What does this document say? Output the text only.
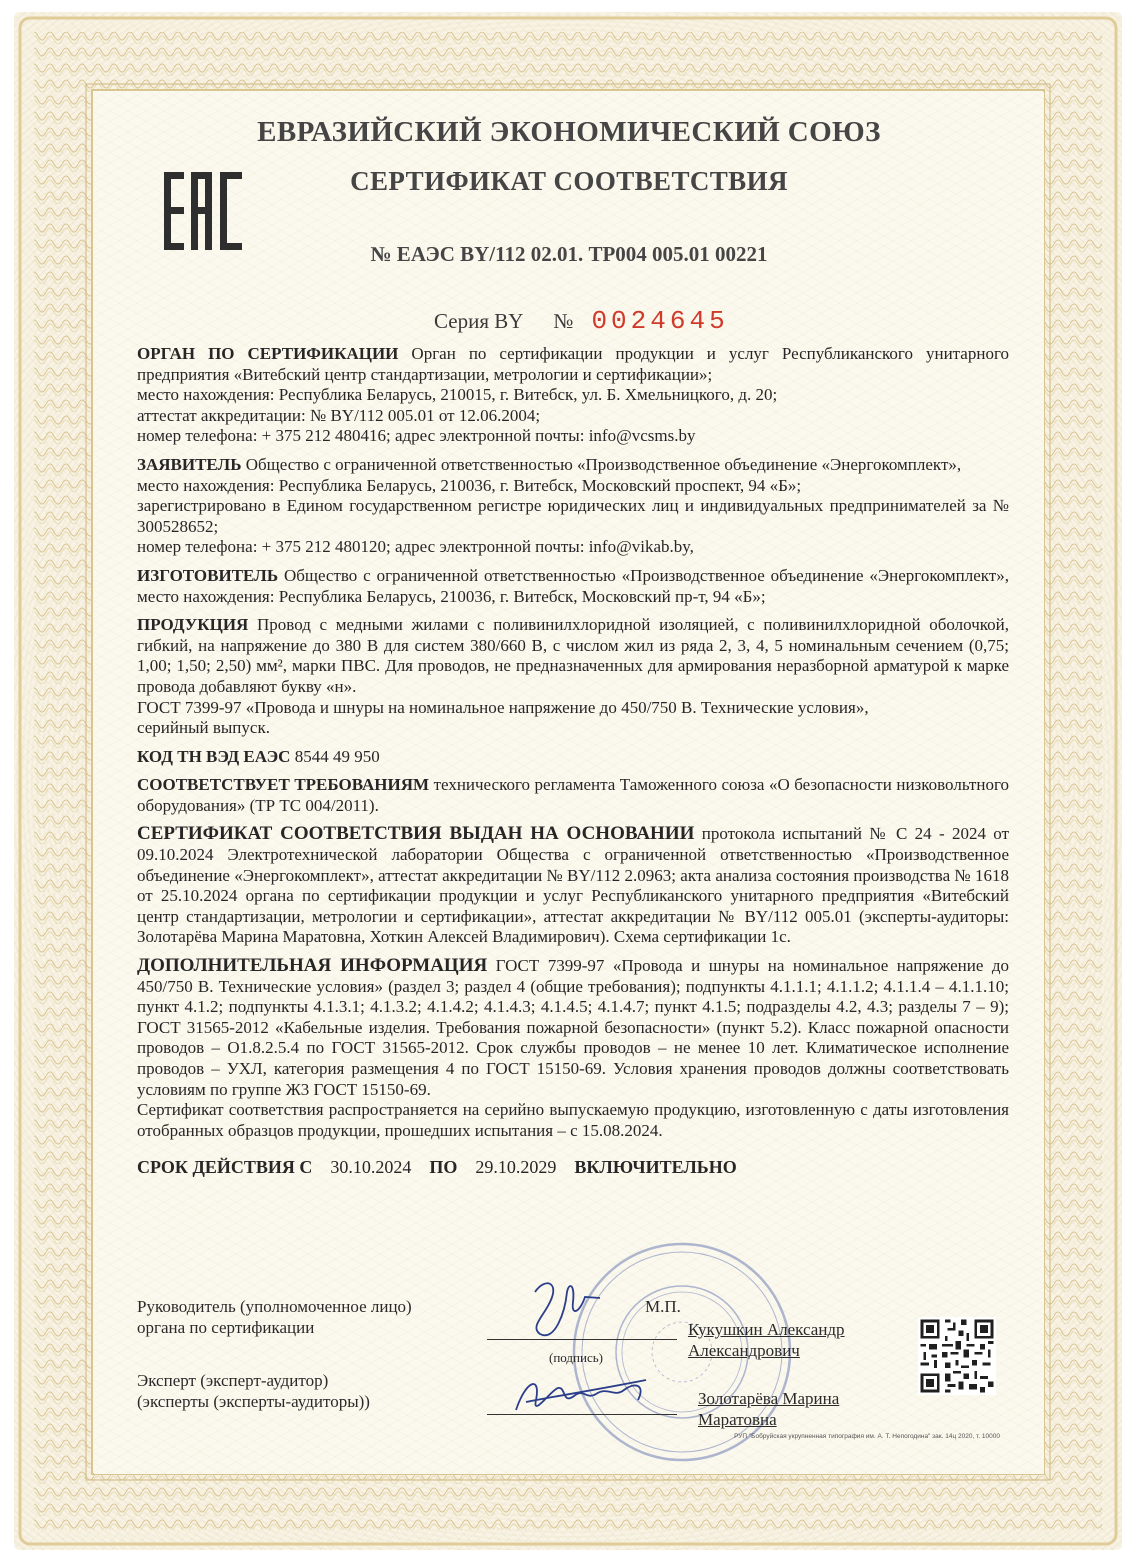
ЕВРАЗИЙСКИЙ ЭКОНОМИЧЕСКИЙ СОЮЗ
СЕРТИФИКАТ СООТВЕТСТВИЯ
№ ЕАЭС BY/112 02.01. ТР004 005.01 00221
Серия BY № 0024645

ОРГАН ПО СЕРТИФИКАЦИИ Орган по сертификации продукции и услуг Республиканского унитарного предприятия «Витебский центр стандартизации, метрологии и сертификации»;

место нахождения: Республика Беларусь, 210015, г. Витебск, ул. Б. Хмельницкого, д. 20;

аттестат аккредитации: № BY/112 005.01 от 12.06.2004;

номер телефона: + 375 212 480416; адрес электронной почты: info@vcsms.by

ЗАЯВИТЕЛЬ Общество с ограниченной ответственностью «Производственное объединение «Энергокомплект»,

место нахождения: Республика Беларусь, 210036, г. Витебск, Московский проспект, 94 «Б»;

зарегистрировано в Едином государственном регистре юридических лиц и индивидуальных предпринимателей за № 300528652;

номер телефона: + 375 212 480120; адрес электронной почты: info@vikab.by,

ИЗГОТОВИТЕЛЬ Общество с ограниченной ответственностью «Производственное объединение «Энергокомплект», место нахождения: Республика Беларусь, 210036, г. Витебск, Московский пр-т, 94 «Б»;

ПРОДУКЦИЯ Провод с медными жилами с поливинилхлоридной изоляцией, с поливинилхлоридной оболочкой, гибкий, на напряжение до 380 В для систем 380/660 В, с числом жил из ряда 2, 3, 4, 5 номинальным сечением (0,75; 1,00; 1,50; 2,50) мм², марки ПВС. Для проводов, не предназначенных для армирования неразборной арматурой к марке провода добавляют букву «н».

ГОСТ 7399-97 «Провода и шнуры на номинальное напряжение до 450/750 В. Технические условия»,

серийный выпуск.

КОД ТН ВЭД ЕАЭС 8544 49 950

СООТВЕТСТВУЕТ ТРЕБОВАНИЯМ технического регламента Таможенного союза «О безопасности низковольтного оборудования» (ТР ТС 004/2011).

СЕРТИФИКАТ СООТВЕТСТВИЯ ВЫДАН НА ОСНОВАНИИ протокола испытаний № С 24 - 2024 от 09.10.2024 Электротехнической лаборатории Общества с ограниченной ответственностью «Производственное объединение «Энергокомплект», аттестат аккредитации № BY/112 2.0963; акта анализа состояния производства № 1618 от 25.10.2024 органа по сертификации продукции и услуг Республиканского унитарного предприятия «Витебский центр стандартизации, метрологии и сертификации», аттестат аккредитации № BY/112 005.01 (эксперты-аудиторы: Золотарёва Марина Маратовна, Хоткин Алексей Владимирович). Схема сертификации 1с.

ДОПОЛНИТЕЛЬНАЯ ИНФОРМАЦИЯ ГОСТ 7399-97 «Провода и шнуры на номинальное напряжение до 450/750 В. Технические условия» (раздел 3; раздел 4 (общие требования); подпункты 4.1.1.1; 4.1.1.2; 4.1.1.4 – 4.1.1.10; пункт 4.1.2; подпункты 4.1.3.1; 4.1.3.2; 4.1.4.2; 4.1.4.3; 4.1.4.5; 4.1.4.7; пункт 4.1.5; подразделы 4.2, 4.3; разделы 7 – 9); ГОСТ 31565-2012 «Кабельные изделия. Требования пожарной безопасности» (пункт 5.2). Класс пожарной опасности проводов – О1.8.2.5.4 по ГОСТ 31565-2012. Срок службы проводов – не менее 10 лет. Климатическое исполнение проводов – УХЛ, категория размещения 4 по ГОСТ 15150-69. Условия хранения проводов должны соответствовать условиям по группе Ж3 ГОСТ 15150-69.

Сертификат соответствия распространяется на серийно выпускаемую продукцию, изготовленную с даты изготовления отобранных образцов продукции, прошедших испытания – с 15.08.2024.

СРОК ДЕЙСТВИЯ С 30.10.2024 ПО 29.10.2029 ВКЛЮЧИТЕЛЬНО
Руководитель (уполномоченное лицо)
органа по сертификации
Эксперт (эксперт-аудитор)
(эксперты (эксперты-аудиторы))
М.П.
(подпись)
Кукушкин Александр
Александрович
Золотарёва Марина
Маратовна
РУП "Бобруйская укрупненная типография им. А. Т. Непогодина" зак. 14ц 2020, т. 10000
